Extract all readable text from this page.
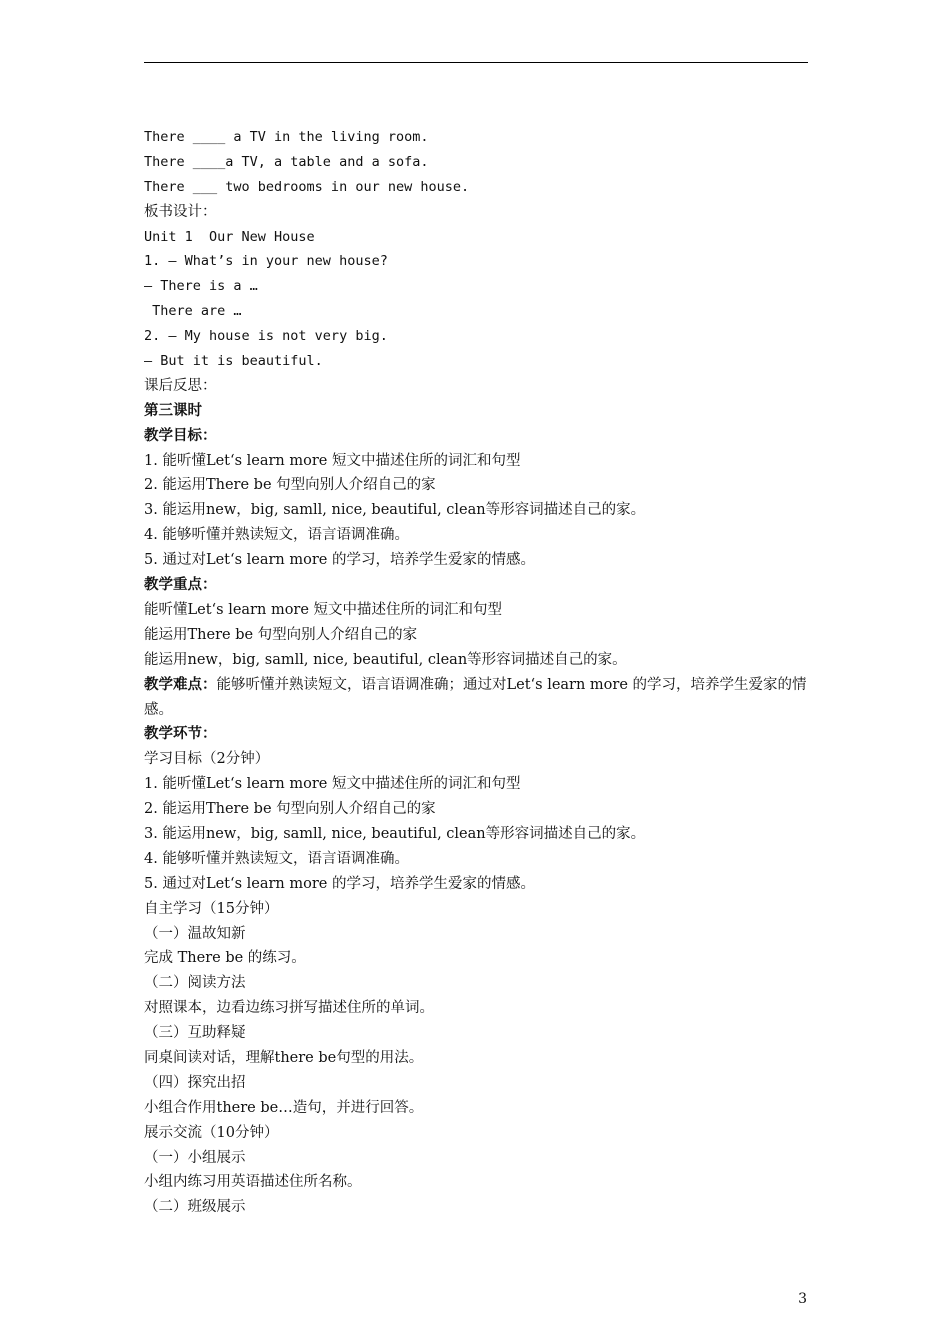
There ____ a TV in the living room.
There ____a TV, a table and a sofa.
There ___ two bedrooms in our new house.
板书设计：
Unit 1  Our New House
1. — What’s in your new house?
— There is a …
There are …
2. — My house is not very big.
— But it is beautiful.
课后反思：
第三课时
教学目标：
1. 能听懂Let‘s learn more 短文中描述住所的词汇和句型
2. 能运用There be 句型向别人介绍自己的家
3. 能运用new，big, samll, nice, beautiful, clean等形容词描述自己的家。
4. 能够听懂并熟读短文，语言语调准确。
5. 通过对Let‘s learn more 的学习，培养学生爱家的情感。
教学重点：
能听懂Let‘s learn more 短文中描述住所的词汇和句型
能运用There be 句型向别人介绍自己的家
能运用new，big, samll, nice, beautiful, clean等形容词描述自己的家。
教学难点：能够听懂并熟读短文，语言语调准确；通过对Let‘s learn more 的学习，培养学生爱家的情感。
教学环节：
学习目标（2分钟）
1. 能听懂Let‘s learn more 短文中描述住所的词汇和句型
2. 能运用There be 句型向别人介绍自己的家
3. 能运用new，big, samll, nice, beautiful, clean等形容词描述自己的家。
4. 能够听懂并熟读短文，语言语调准确。
5. 通过对Let‘s learn more 的学习，培养学生爱家的情感。
自主学习（15分钟）
（一）温故知新
完成 There be 的练习。
（二）阅读方法
对照课本，边看边练习拼写描述住所的单词。
（三）互助释疑
同桌间读对话，理解there be句型的用法。
（四）探究出招
小组合作用there be…造句，并进行回答。
展示交流（10分钟）
（一）小组展示
小组内练习用英语描述住所名称。
（二）班级展示
3
